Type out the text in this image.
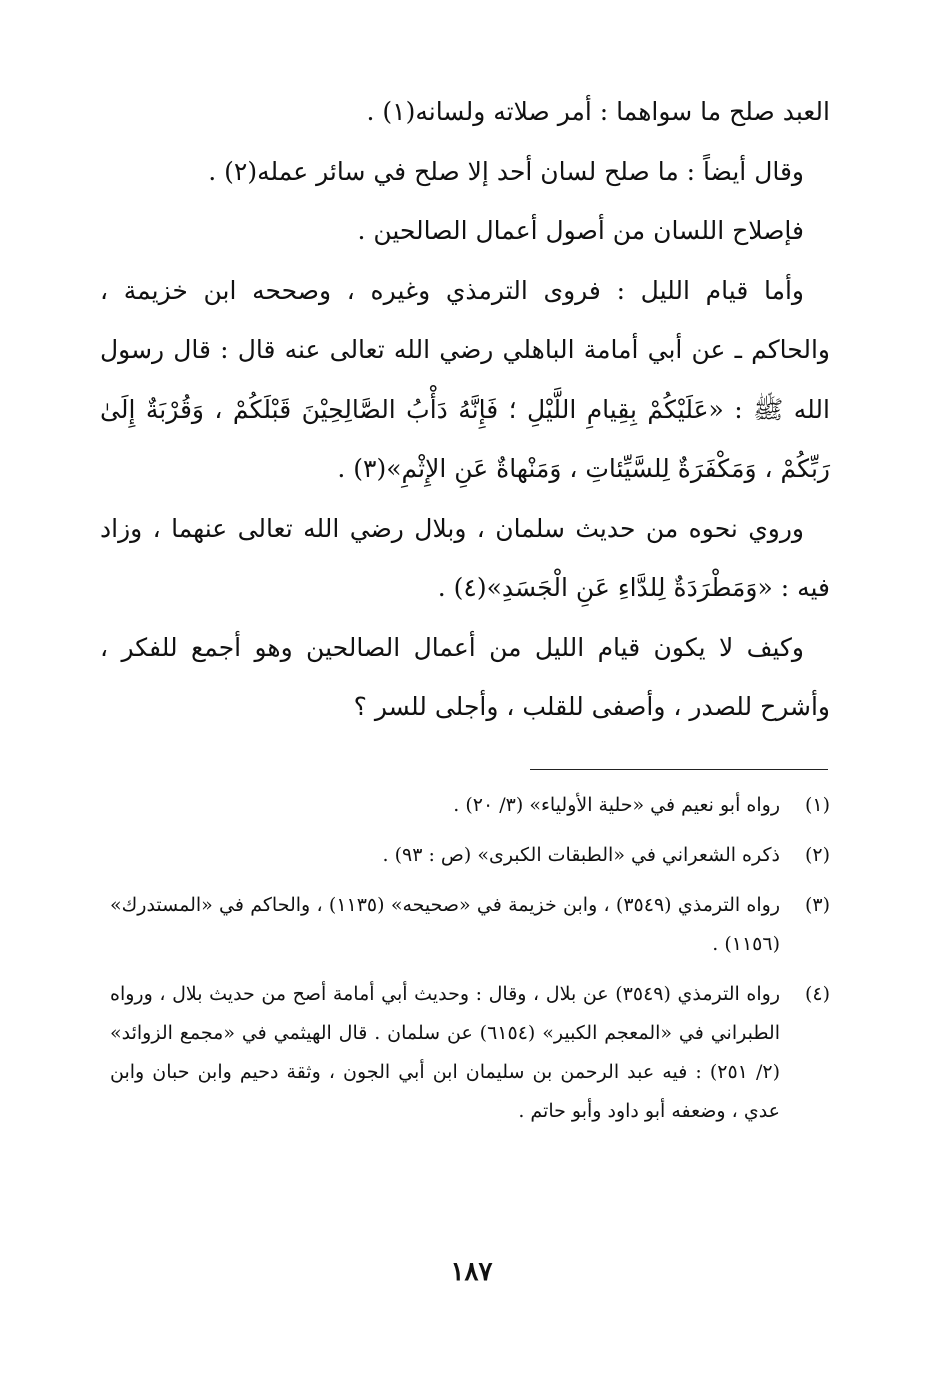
العبد صلح ما سواهما : أمر صلاته ولسانه(١) .

وقال أيضاً : ما صلح لسان أحد إلا صلح في سائر عمله(٢) .

فإصلاح اللسان من أصول أعمال الصالحين .

وأما قيام الليل : فروى الترمذي وغيره ، وصححه ابن خزيمة ، والحاكم ـ عن أبي أمامة الباهلي رضي الله تعالى عنه قال : قال رسول الله ﷺ : «عَلَيْكُمْ بِقِيامِ اللَّيْلِ ؛ فَإِنَّهُ دَأْبُ الصَّالِحِيْنَ قَبْلَكُمْ ، وَقُرْبَةٌ إِلَىٰ رَبِّكُمْ ، وَمَكْفَرَةٌ لِلسَّيِّئاتِ ، وَمَنْهاةٌ عَنِ الإِثْمِ»(٣) .

وروي نحوه من حديث سلمان ، وبلال رضي الله تعالى عنهما ، وزاد فيه : «وَمَطْرَدَةٌ لِلدَّاءِ عَنِ الْجَسَدِ»(٤) .

وكيف لا يكون قيام الليل من أعمال الصالحين وهو أجمع للفكر ، وأشرح للصدر ، وأصفى للقلب ، وأجلى للسر ؟

(١)
رواه أبو نعيم في «حلية الأولياء» (٣/ ٢٠) .
(٢)
ذكره الشعراني في «الطبقات الكبرى» (ص : ٩٣) .
(٣)
رواه الترمذي (٣٥٤٩) ، وابن خزيمة في «صحيحه» (١١٣٥) ، والحاكم في «المستدرك» (١١٥٦) .
(٤)
رواه الترمذي (٣٥٤٩) عن بلال ، وقال : وحديث أبي أمامة أصح من حديث بلال ، ورواه الطبراني في «المعجم الكبير» (٦١٥٤) عن سلمان . قال الهيثمي في «مجمع الزوائد» (٢/ ٢٥١) : فيه عبد الرحمن بن سليمان ابن أبي الجون ، وثقة دحيم وابن حبان وابن عدي ، وضعفه أبو داود وأبو حاتم .
١٨٧
